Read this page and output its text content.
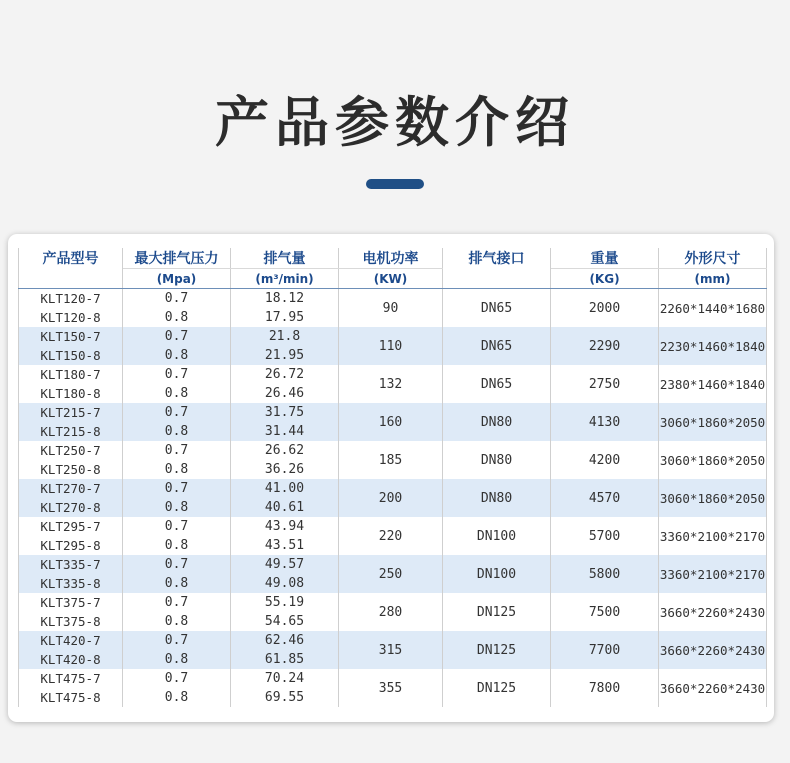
产品参数介绍
产品型号	最大排气压力	排气量	电机功率	排气接口	重量	外形尺寸
	(Mpa)	(m³/min)	(KW)		(KG)	(mm)
KLT120-7	0.7	18.12	90	DN65	2000	2260*1440*1680
KLT120-8	0.8	17.95				
KLT150-7	0.7	21.8	110	DN65	2290	2230*1460*1840
KLT150-8	0.8	21.95				
KLT180-7	0.7	26.72	132	DN65	2750	2380*1460*1840
KLT180-8	0.8	26.46				
KLT215-7	0.7	31.75	160	DN80	4130	3060*1860*2050
KLT215-8	0.8	31.44				
KLT250-7	0.7	26.62	185	DN80	4200	3060*1860*2050
KLT250-8	0.8	36.26				
KLT270-7	0.7	41.00	200	DN80	4570	3060*1860*2050
KLT270-8	0.8	40.61				
KLT295-7	0.7	43.94	220	DN100	5700	3360*2100*2170
KLT295-8	0.8	43.51				
KLT335-7	0.7	49.57	250	DN100	5800	3360*2100*2170
KLT335-8	0.8	49.08				
KLT375-7	0.7	55.19	280	DN125	7500	3660*2260*2430
KLT375-8	0.8	54.65				
KLT420-7	0.7	62.46	315	DN125	7700	3660*2260*2430
KLT420-8	0.8	61.85				
KLT475-7	0.7	70.24	355	DN125	7800	3660*2260*2430
KLT475-8	0.8	69.55				
